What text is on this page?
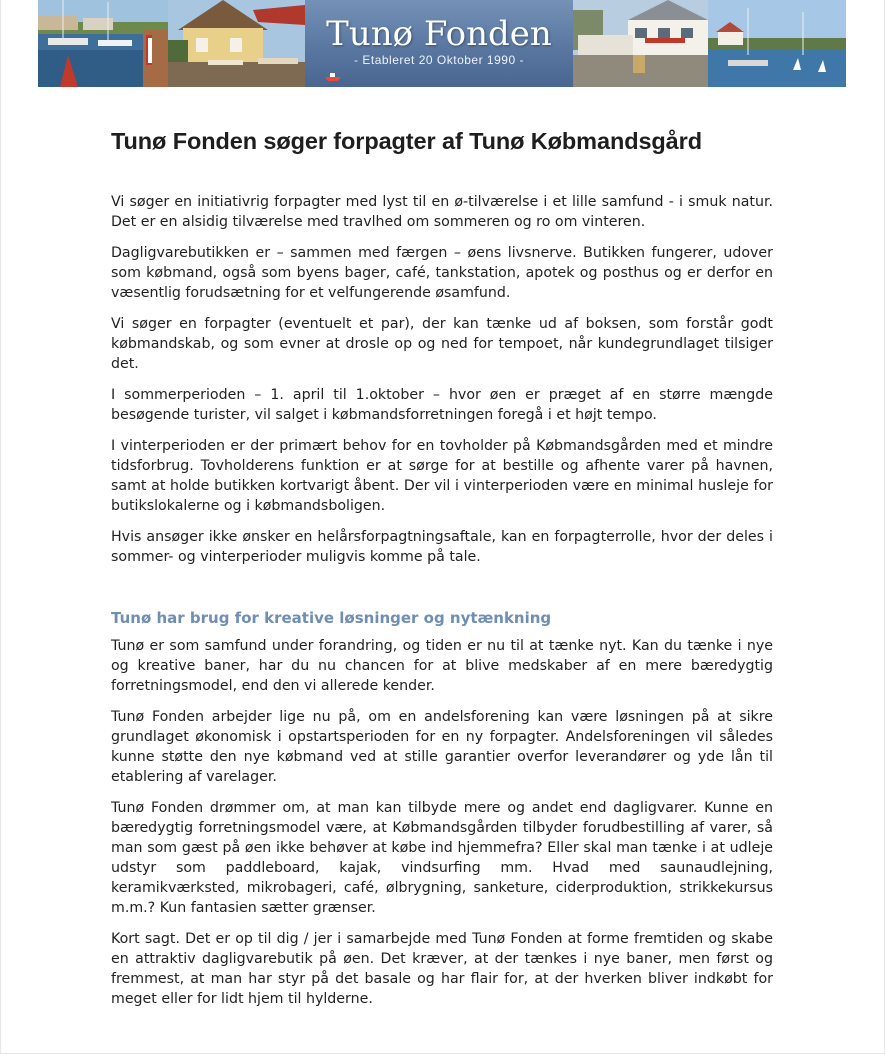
Tunø Fonden
- Etableret 20 Oktober 1990 -
Tunø Fonden søger forpagter af Tunø Købmandsgård

Vi søger en initiativrig forpagter med lyst til en ø-tilværelse i et lille samfund - i smuk natur. Det er en alsidig tilværelse med travlhed om sommeren og ro om vinteren.

Dagligvarebutikken er – sammen med færgen – øens livsnerve. Butikken fungerer, udover som købmand, også som byens bager, café, tankstation, apotek og posthus og er derfor en væsentlig forudsætning for et velfungerende øsamfund.

Vi søger en forpagter (eventuelt et par), der kan tænke ud af boksen, som forstår godt købmandskab, og som evner at drosle op og ned for tempoet, når kundegrundlaget tilsiger det.

I sommerperioden – 1. april til 1.oktober – hvor øen er præget af en større mængde besøgende turister, vil salget i købmandsforretningen foregå i et højt tempo.

I vinterperioden er der primært behov for en tovholder på Købmandsgården med et mindre tidsforbrug. Tovholderens funktion er at sørge for at bestille og afhente varer på havnen, samt at holde butikken kortvarigt åbent. Der vil i vinterperioden være en minimal husleje for butikslokalerne og i købmandsboligen.

Hvis ansøger ikke ønsker en helårsforpagtningsaftale, kan en forpagterrolle, hvor der deles i sommer- og vinterperioder muligvis komme på tale.

Tunø har brug for kreative løsninger og nytænkning

Tunø er som samfund under forandring, og tiden er nu til at tænke nyt. Kan du tænke i nye og kreative baner, har du nu chancen for at blive medskaber af en mere bæredygtig forretningsmodel, end den vi allerede kender.

Tunø Fonden arbejder lige nu på, om en andelsforening kan være løsningen på at sikre grundlaget økonomisk i opstartsperioden for en ny forpagter. Andelsforeningen vil således kunne støtte den nye købmand ved at stille garantier overfor leverandører og yde lån til etablering af varelager.

Tunø Fonden drømmer om, at man kan tilbyde mere og andet end dagligvarer. Kunne en bæredygtig forretningsmodel være, at Købmandsgården tilbyder forudbestilling af varer, så man som gæst på øen ikke behøver at købe ind hjemmefra? Eller skal man tænke i at udleje udstyr som paddleboard, kajak, vindsurfing mm. Hvad med saunaudlejning, keramikværksted, mikrobageri, café, ølbrygning, sanketure, ciderproduktion, strikkekursus m.m.? Kun fantasien sætter grænser.

Kort sagt. Det er op til dig / jer i samarbejde med Tunø Fonden at forme fremtiden og skabe en attraktiv dagligvarebutik på øen. Det kræver, at der tænkes i nye baner, men først og fremmest, at man har styr på det basale og har flair for, at der hverken bliver indkøbt for meget eller for lidt hjem til hylderne.
